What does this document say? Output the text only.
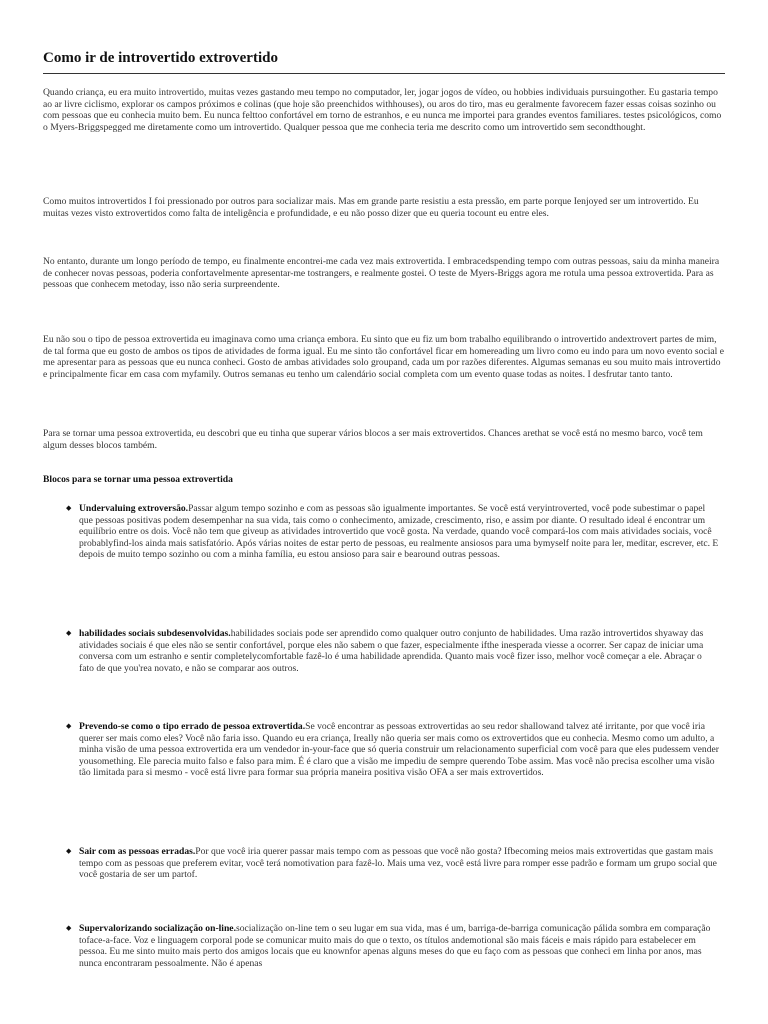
Como ir de introvertido extrovertido

Quando criança, eu era muito introvertido, muitas vezes gastando meu tempo no computador, ler, jogar jogos de vídeo, ou hobbies individuais pursuingother. Eu gastaria tempo ao ar livre ciclismo, explorar os campos próximos e colinas (que hoje são preenchidos withhouses), ou aros do tiro, mas eu geralmente favorecem fazer essas coisas sozinho ou com pessoas que eu conhecia muito bem. Eu nunca felttoo confortável em torno de estranhos, e eu nunca me importei para grandes eventos familiares. testes psicológicos, como o Myers-Briggspegged me diretamente como um introvertido. Qualquer pessoa que me conhecia teria me descrito como um introvertido sem secondthought.

Como muitos introvertidos I foi pressionado por outros para socializar mais. Mas em grande parte resistiu a esta pressão, em parte porque Ienjoyed ser um introvertido. Eu muitas vezes visto extrovertidos como falta de inteligência e profundidade, e eu não posso dizer que eu queria tocount eu entre eles.

No entanto, durante um longo período de tempo, eu finalmente encontrei-me cada vez mais extrovertida. I embracedspending tempo com outras pessoas, saiu da minha maneira de conhecer novas pessoas, poderia confortavelmente apresentar-me tostrangers, e realmente gostei. O teste de Myers-Briggs agora me rotula uma pessoa extrovertida. Para as pessoas que conhecem metoday, isso não seria surpreendente.

Eu não sou o tipo de pessoa extrovertida eu imaginava como uma criança embora. Eu sinto que eu fiz um bom trabalho equilibrando o introvertido andextrovert partes de mim, de tal forma que eu gosto de ambos os tipos de atividades de forma igual. Eu me sinto tão confortável ficar em homereading um livro como eu indo para um novo evento social e me apresentar para as pessoas que eu nunca conheci. Gosto de ambas atividades solo groupand, cada um por razões diferentes. Algumas semanas eu sou muito mais introvertido e principalmente ficar em casa com myfamily. Outros semanas eu tenho um calendário social completa com um evento quase todas as noites. I desfrutar tanto tanto.

Para se tornar uma pessoa extrovertida, eu descobri que eu tinha que superar vários blocos a ser mais extrovertidos. Chances arethat se você está no mesmo barco, você tem algum desses blocos também.

Blocos para se tornar uma pessoa extrovertida

◆ Undervaluing extroversão.Passar algum tempo sozinho e com as pessoas são igualmente importantes. Se você está veryintroverted, você pode subestimar o papel que pessoas positivas podem desempenhar na sua vida, tais como o conhecimento, amizade, crescimento, riso, e assim por diante. O resultado ideal é encontrar um equilíbrio entre os dois. Você não tem que giveup as atividades introvertido que você gosta. Na verdade, quando você compará-los com mais atividades sociais, você probablyfind-los ainda mais satisfatório. Após várias noites de estar perto de pessoas, eu realmente ansiosos para uma bymyself noite para ler, meditar, escrever, etc. E depois de muito tempo sozinho ou com a minha família, eu estou ansioso para sair e bearound outras pessoas.

◆ habilidades sociais subdesenvolvidas.habilidades sociais pode ser aprendido como qualquer outro conjunto de habilidades. Uma razão introvertidos shyaway das atividades sociais é que eles não se sentir confortável, porque eles não sabem o que fazer, especialmente ifthe inesperada viesse a ocorrer. Ser capaz de iniciar uma conversa com um estranho e sentir completelycomfortable fazê-lo é uma habilidade aprendida. Quanto mais você fizer isso, melhor você começar a ele. Abraçar o fato de que you'rea novato, e não se comparar aos outros.

◆ Prevendo-se como o tipo errado de pessoa extrovertida.Se você encontrar as pessoas extrovertidas ao seu redor shallowand talvez até irritante, por que você iria querer ser mais como eles? Você não faria isso. Quando eu era criança, Ireally não queria ser mais como os extrovertidos que eu conhecia. Mesmo como um adulto, a minha visão de uma pessoa extrovertida era um vendedor in-your-face que só queria construir um relacionamento superficial com você para que eles pudessem vender yousomething. Ele parecia muito falso e falso para mim. É é claro que a visão me impediu de sempre querendo Tobe assim. Mas você não precisa escolher uma visão tão limitada para si mesmo - você está livre para formar sua própria maneira positiva visão OFA a ser mais extrovertidos.

◆ Sair com as pessoas erradas.Por que você iria querer passar mais tempo com as pessoas que você não gosta? Ifbecoming meios mais extrovertidas que gastam mais tempo com as pessoas que preferem evitar, você terá nomotivation para fazê-lo. Mais uma vez, você está livre para romper esse padrão e formam um grupo social que você gostaria de ser um partof.

◆ Supervalorizando socialização on-line.socialização on-line tem o seu lugar em sua vida, mas é um, barriga-de-barriga comunicação pálida sombra em comparação toface-a-face. Voz e linguagem corporal pode se comunicar muito mais do que o texto, os títulos andemotional são mais fáceis e mais rápido para estabelecer em pessoa. Eu me sinto muito mais perto dos amigos locais que eu knownfor apenas alguns meses do que eu faço com as pessoas que conheci em linha por anos, mas nunca encontraram pessoalmente. Não é apenas
